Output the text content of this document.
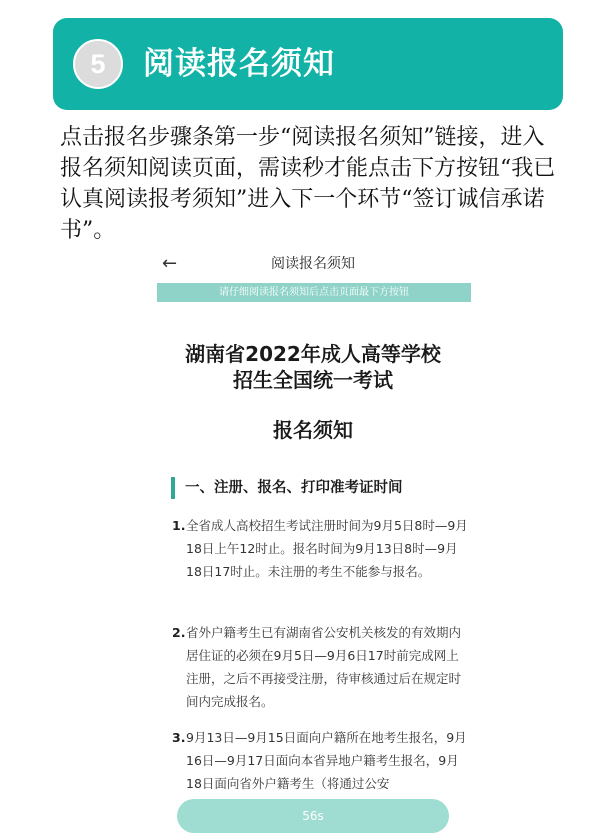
5	阅读报名须知

点击报名步骤条第一步“阅读报名须知”链接，进入报名须知阅读页面，需读秒才能点击下方按钮“我已认真阅读报考须知”进入下一个环节“签订诚信承诺书”。

←	阅读报名须知
请仔细阅读报名须知后点击页面最下方按钮
湖南省2022年成人高等学校
招生全国统一考试
报名须知
一、注册、报名、打印准考证时间
1. 全省成人高校招生考试注册时间为9月5日8时—9月18日上午12时止。报名时间为9月13日8时—9月18日17时止。未注册的考生不能参与报名。
2. 省外户籍考生已有湖南省公安机关核发的有效期内居住证的必须在9月5日—9月6日17时前完成网上注册，之后不再接受注册，待审核通过后在规定时间内完成报名。
3. 9月13日—9月15日面向户籍所在地考生报名，9月16日—9月17日面向本省异地户籍考生报名，9月18日面向省外户籍考生（将通过公安
56s
